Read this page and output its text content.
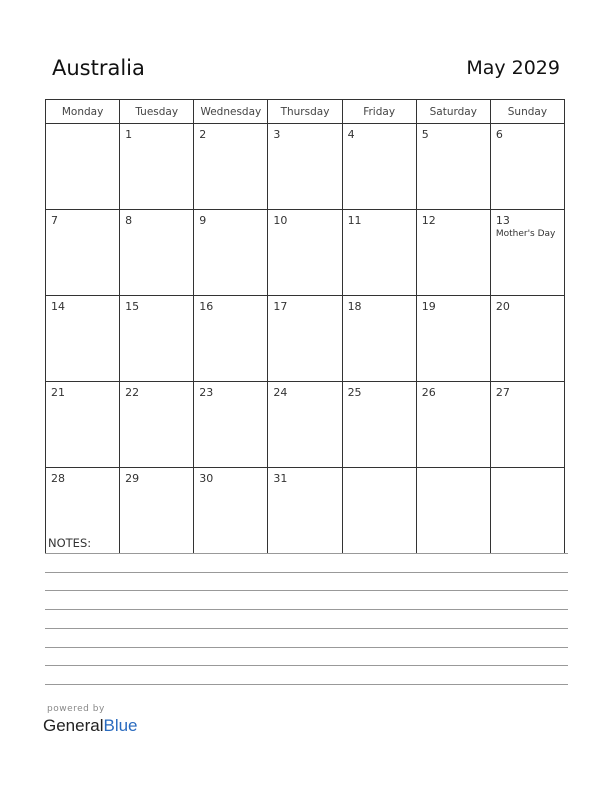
Australia	May 2029
Monday	Tuesday	Wednesday	Thursday	Friday	Saturday	Sunday

	1	2	3	4	5	6

7	8	9	10	11	12	13
Mother's Day

14	15	16	17	18	19	20

21	22	23	24	25	26	27

28	29	30	31			

NOTES:
powered by
GeneralBlue
